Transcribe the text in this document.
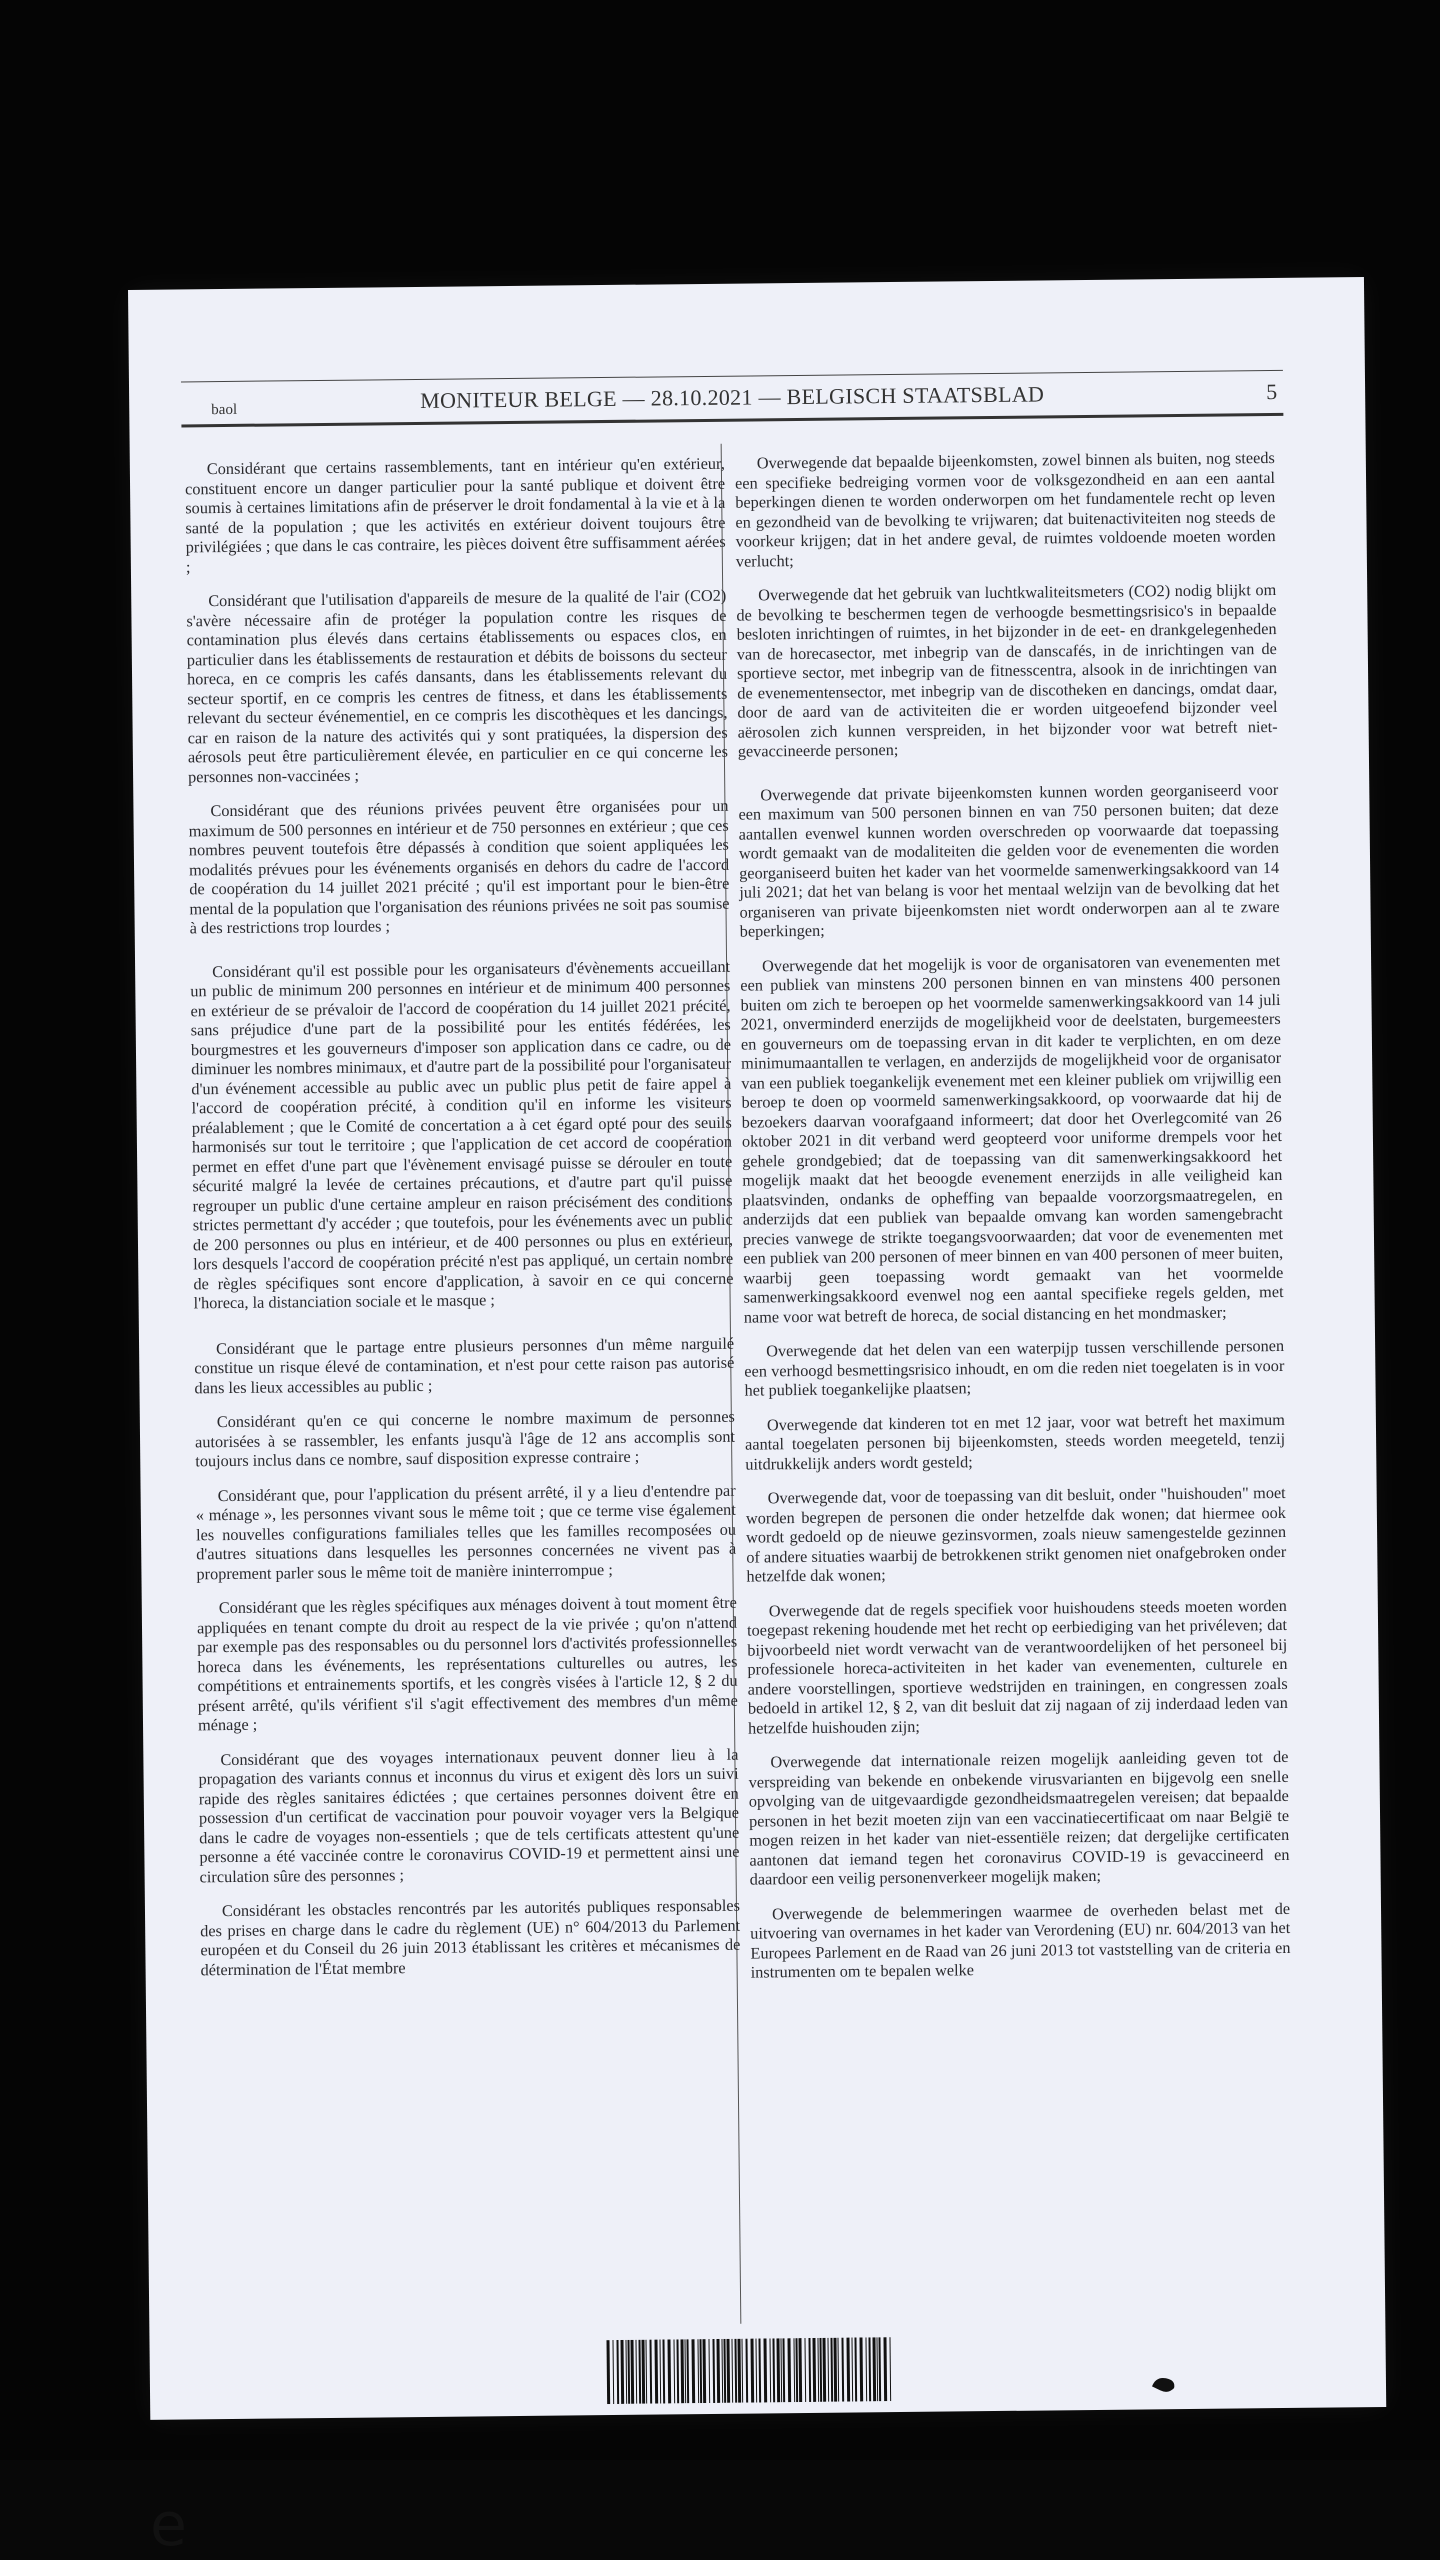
baol	MONITEUR BELGE — 28.10.2021 — BELGISCH STAATSBLAD	5

Considérant que certains rassemblements, tant en intérieur qu'en extérieur, constituent encore un danger particulier pour la santé publique et doivent être soumis à certaines limitations afin de préserver le droit fondamental à la vie et à la santé de la population ; que les activités en extérieur doivent toujours être privilégiées ; que dans le cas contraire, les pièces doivent être suffisamment aérées ;

Considérant que l'utilisation d'appareils de mesure de la qualité de l'air (CO2) s'avère nécessaire afin de protéger la population contre les risques de contamination plus élevés dans certains établissements ou espaces clos, en particulier dans les établissements de restauration et débits de boissons du secteur horeca, en ce compris les cafés dansants, dans les établissements relevant du secteur sportif, en ce compris les centres de fitness, et dans les établissements relevant du secteur événementiel, en ce compris les discothèques et les dancings, car en raison de la nature des activités qui y sont pratiquées, la dispersion des aérosols peut être particulièrement élevée, en particulier en ce qui concerne les personnes non-vaccinées ;

Considérant que des réunions privées peuvent être organisées pour un maximum de 500 personnes en intérieur et de 750 personnes en extérieur ; que ces nombres peuvent toutefois être dépassés à condition que soient appliquées les modalités prévues pour les événements organisés en dehors du cadre de l'accord de coopération du 14 juillet 2021 précité ; qu'il est important pour le bien-être mental de la population que l'organisation des réunions privées ne soit pas soumise à des restrictions trop lourdes ;

Considérant qu'il est possible pour les organisateurs d'évènements accueillant un public de minimum 200 personnes en intérieur et de minimum 400 personnes en extérieur de se prévaloir de l'accord de coopération du 14 juillet 2021 précité, sans préjudice d'une part de la possibilité pour les entités fédérées, les bourgmestres et les gouverneurs d'imposer son application dans ce cadre, ou de diminuer les nombres minimaux, et d'autre part de la possibilité pour l'organisateur d'un événement accessible au public avec un public plus petit de faire appel à l'accord de coopération précité, à condition qu'il en informe les visiteurs préalablement ; que le Comité de concertation a à cet égard opté pour des seuils harmonisés sur tout le territoire ; que l'application de cet accord de coopération permet en effet d'une part que l'évènement envisagé puisse se dérouler en toute sécurité malgré la levée de certaines précautions, et d'autre part qu'il puisse regrouper un public d'une certaine ampleur en raison précisément des conditions strictes permettant d'y accéder ; que toutefois, pour les événements avec un public de 200 personnes ou plus en intérieur, et de 400 personnes ou plus en extérieur, lors desquels l'accord de coopération précité n'est pas appliqué, un certain nombre de règles spécifiques sont encore d'application, à savoir en ce qui concerne l'horeca, la distanciation sociale et le masque ;

Considérant que le partage entre plusieurs personnes d'un même narguilé constitue un risque élevé de contamination, et n'est pour cette raison pas autorisé dans les lieux accessibles au public ;

Considérant qu'en ce qui concerne le nombre maximum de personnes autorisées à se rassembler, les enfants jusqu'à l'âge de 12 ans accomplis sont toujours inclus dans ce nombre, sauf disposition expresse contraire ;

Considérant que, pour l'application du présent arrêté, il y a lieu d'entendre par « ménage », les personnes vivant sous le même toit ; que ce terme vise également les nouvelles configurations familiales telles que les familles recomposées ou d'autres situations dans lesquelles les personnes concernées ne vivent pas à proprement parler sous le même toit de manière ininterrompue ;

Considérant que les règles spécifiques aux ménages doivent à tout moment être appliquées en tenant compte du droit au respect de la vie privée ; qu'on n'attend par exemple pas des responsables ou du personnel lors d'activités professionnelles horeca dans les événements, les représentations culturelles ou autres, les compétitions et entrainements sportifs, et les congrès visées à l'article 12, § 2 du présent arrêté, qu'ils vérifient s'il s'agit effectivement des membres d'un même ménage ;

Considérant que des voyages internationaux peuvent donner lieu à la propagation des variants connus et inconnus du virus et exigent dès lors un suivi rapide des règles sanitaires édictées ; que certaines personnes doivent être en possession d'un certificat de vaccination pour pouvoir voyager vers la Belgique dans le cadre de voyages non-essentiels ; que de tels certificats attestent qu'une personne a été vaccinée contre le coronavirus COVID-19 et permettent ainsi une circulation sûre des personnes ;

Considérant les obstacles rencontrés par les autorités publiques responsables des prises en charge dans le cadre du règlement (UE) n° 604/2013 du Parlement européen et du Conseil du 26 juin 2013 établissant les critères et mécanismes de détermination de l'État membre

Overwegende dat bepaalde bijeenkomsten, zowel binnen als buiten, nog steeds een specifieke bedreiging vormen voor de volksgezondheid en aan een aantal beperkingen dienen te worden onderworpen om het fundamentele recht op leven en gezondheid van de bevolking te vrijwaren; dat buitenactiviteiten nog steeds de voorkeur krijgen; dat in het andere geval, de ruimtes voldoende moeten worden verlucht;

Overwegende dat het gebruik van luchtkwaliteitsmeters (CO2) nodig blijkt om de bevolking te beschermen tegen de verhoogde besmettingsrisico's in bepaalde besloten inrichtingen of ruimtes, in het bijzonder in de eet- en drankgelegenheden van de horecasector, met inbegrip van de danscafés, in de inrichtingen van de sportieve sector, met inbegrip van de fitnesscentra, alsook in de inrichtingen van de evenementensector, met inbegrip van de discotheken en dancings, omdat daar, door de aard van de activiteiten die er worden uitgeoefend bijzonder veel aërosolen zich kunnen verspreiden, in het bijzonder voor wat betreft niet-gevaccineerde personen;

Overwegende dat private bijeenkomsten kunnen worden georganiseerd voor een maximum van 500 personen binnen en van 750 personen buiten; dat deze aantallen evenwel kunnen worden overschreden op voorwaarde dat toepassing wordt gemaakt van de modaliteiten die gelden voor de evenementen die worden georganiseerd buiten het kader van het voormelde samenwerkingsakkoord van 14 juli 2021; dat het van belang is voor het mentaal welzijn van de bevolking dat het organiseren van private bijeenkomsten niet wordt onderworpen aan al te zware beperkingen;

Overwegende dat het mogelijk is voor de organisatoren van evenementen met een publiek van minstens 200 personen binnen en van minstens 400 personen buiten om zich te beroepen op het voormelde samenwerkingsakkoord van 14 juli 2021, onverminderd enerzijds de mogelijkheid voor de deelstaten, burgemeesters en gouverneurs om de toepassing ervan in dit kader te verplichten, en om deze minimumaantallen te verlagen, en anderzijds de mogelijkheid voor de organisator van een publiek toegankelijk evenement met een kleiner publiek om vrijwillig een beroep te doen op voormeld samenwerkingsakkoord, op voorwaarde dat hij de bezoekers daarvan voorafgaand informeert; dat door het Overlegcomité van 26 oktober 2021 in dit verband werd geopteerd voor uniforme drempels voor het gehele grondgebied; dat de toepassing van dit samenwerkingsakkoord het mogelijk maakt dat het beoogde evenement enerzijds in alle veiligheid kan plaatsvinden, ondanks de opheffing van bepaalde voorzorgsmaatregelen, en anderzijds dat een publiek van bepaalde omvang kan worden samengebracht precies vanwege de strikte toegangsvoorwaarden; dat voor de evenementen met een publiek van 200 personen of meer binnen en van 400 personen of meer buiten, waarbij geen toepassing wordt gemaakt van het voormelde samenwerkingsakkoord evenwel nog een aantal specifieke regels gelden, met name voor wat betreft de horeca, de social distancing en het mondmasker;

Overwegende dat het delen van een waterpijp tussen verschillende personen een verhoogd besmettingsrisico inhoudt, en om die reden niet toegelaten is in voor het publiek toegankelijke plaatsen;

Overwegende dat kinderen tot en met 12 jaar, voor wat betreft het maximum aantal toegelaten personen bij bijeenkomsten, steeds worden meegeteld, tenzij uitdrukkelijk anders wordt gesteld;

Overwegende dat, voor de toepassing van dit besluit, onder "huishouden" moet worden begrepen de personen die onder hetzelfde dak wonen; dat hiermee ook wordt gedoeld op de nieuwe gezinsvormen, zoals nieuw samengestelde gezinnen of andere situaties waarbij de betrokkenen strikt genomen niet onafgebroken onder hetzelfde dak wonen;

Overwegende dat de regels specifiek voor huishoudens steeds moeten worden toegepast rekening houdende met het recht op eerbiediging van het privéleven; dat bijvoorbeeld niet wordt verwacht van de verantwoordelijken of het personeel bij professionele horeca-activiteiten in het kader van evenementen, culturele en andere voorstellingen, sportieve wedstrijden en trainingen, en congressen zoals bedoeld in artikel 12, § 2, van dit besluit dat zij nagaan of zij inderdaad leden van hetzelfde huishouden zijn;

Overwegende dat internationale reizen mogelijk aanleiding geven tot de verspreiding van bekende en onbekende virusvarianten en bijgevolg een snelle opvolging van de uitgevaardigde gezondheidsmaatregelen vereisen; dat bepaalde personen in het bezit moeten zijn van een vaccinatiecertificaat om naar België te mogen reizen in het kader van niet-essentiële reizen; dat dergelijke certificaten aantonen dat iemand tegen het coronavirus COVID-19 is gevaccineerd en daardoor een veilig personenverkeer mogelijk maken;

Overwegende de belemmeringen waarmee de overheden belast met de uitvoering van overnames in het kader van Verordening (EU) nr. 604/2013 van het Europees Parlement en de Raad van 26 juni 2013 tot vaststelling van de criteria en instrumenten om te bepalen welke

e
